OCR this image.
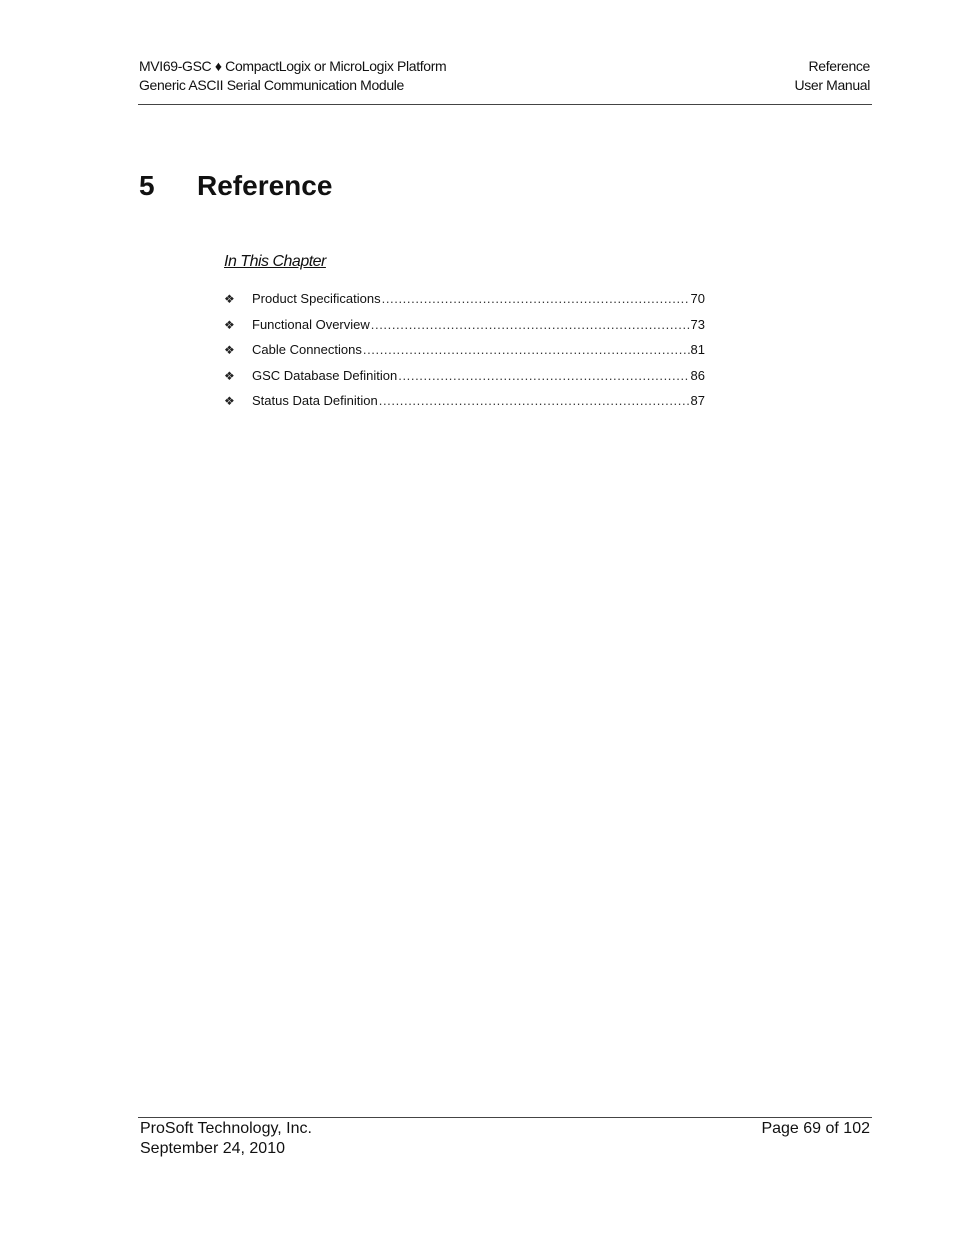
MVI69-GSC ♦ CompactLogix or MicroLogix Platform
Generic ASCII Serial Communication Module
Reference
User Manual
5 Reference
In This Chapter
❖	Product Specifications .....	70
❖	Functional Overview .....	73
❖	Cable Connections .....	81
❖	GSC Database Definition .....	86
❖	Status Data Definition .....	87
ProSoft Technology, Inc.
September 24, 2010
Page 69 of 102
